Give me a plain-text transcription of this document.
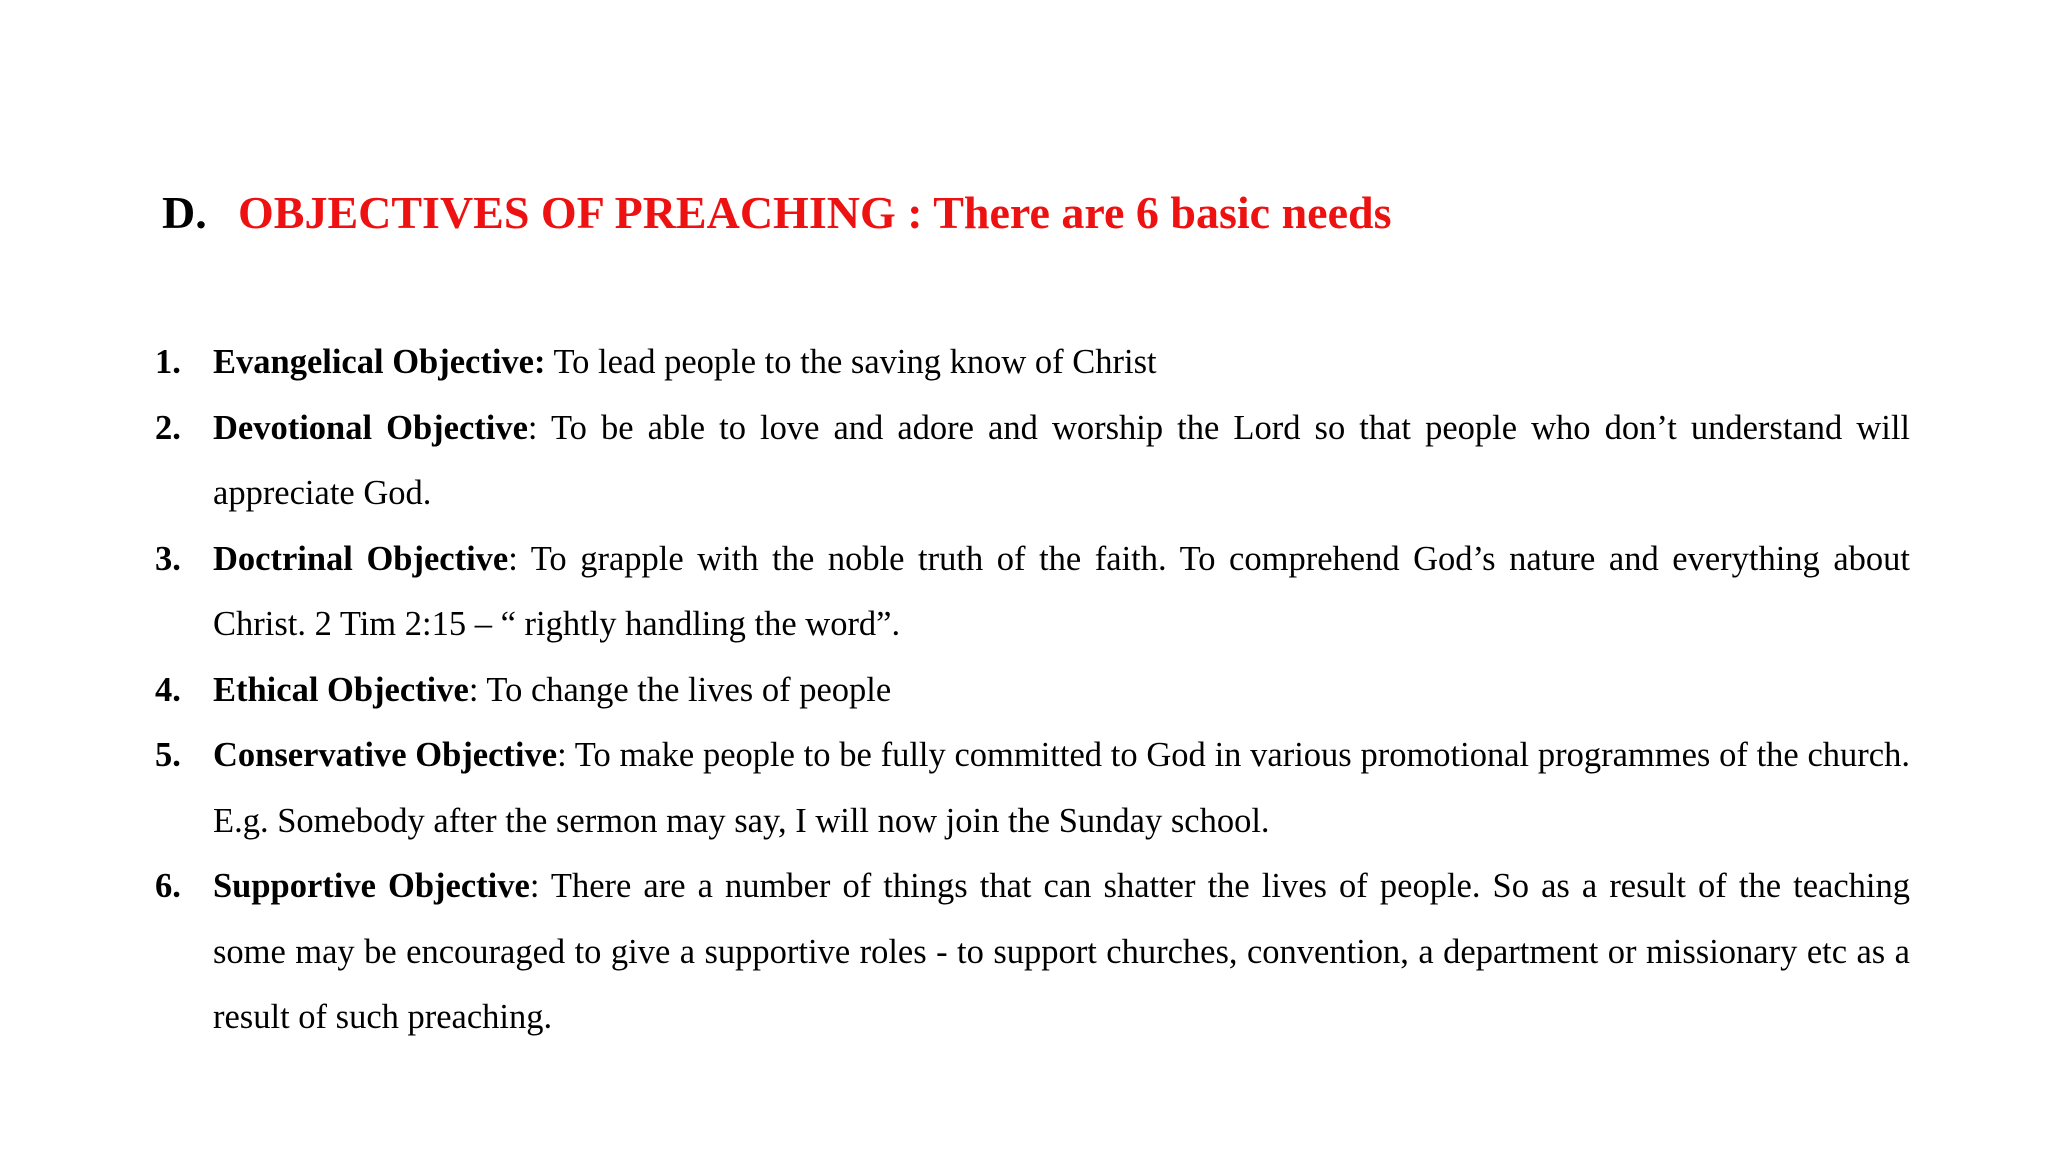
D. OBJECTIVES OF PREACHING : There are 6 basic needs
1. Evangelical Objective: To lead people to the saving know of Christ
2. Devotional Objective: To be able to love and adore and worship the Lord so that people who don’t understand will appreciate God.
3. Doctrinal Objective: To grapple with the noble truth of the faith. To comprehend God’s nature and everything about Christ. 2 Tim 2:15 – “ rightly handling the word”.
4. Ethical Objective: To change the lives of people
5. Conservative Objective: To make people to be fully committed to God in various promotional programmes of the church. E.g. Somebody after the sermon may say, I will now join the Sunday school.
6. Supportive Objective: There are a number of things that can shatter the lives of people. So as a result of the teaching some may be encouraged to give a supportive roles - to support churches, convention, a department or missionary etc as a result of such preaching.
